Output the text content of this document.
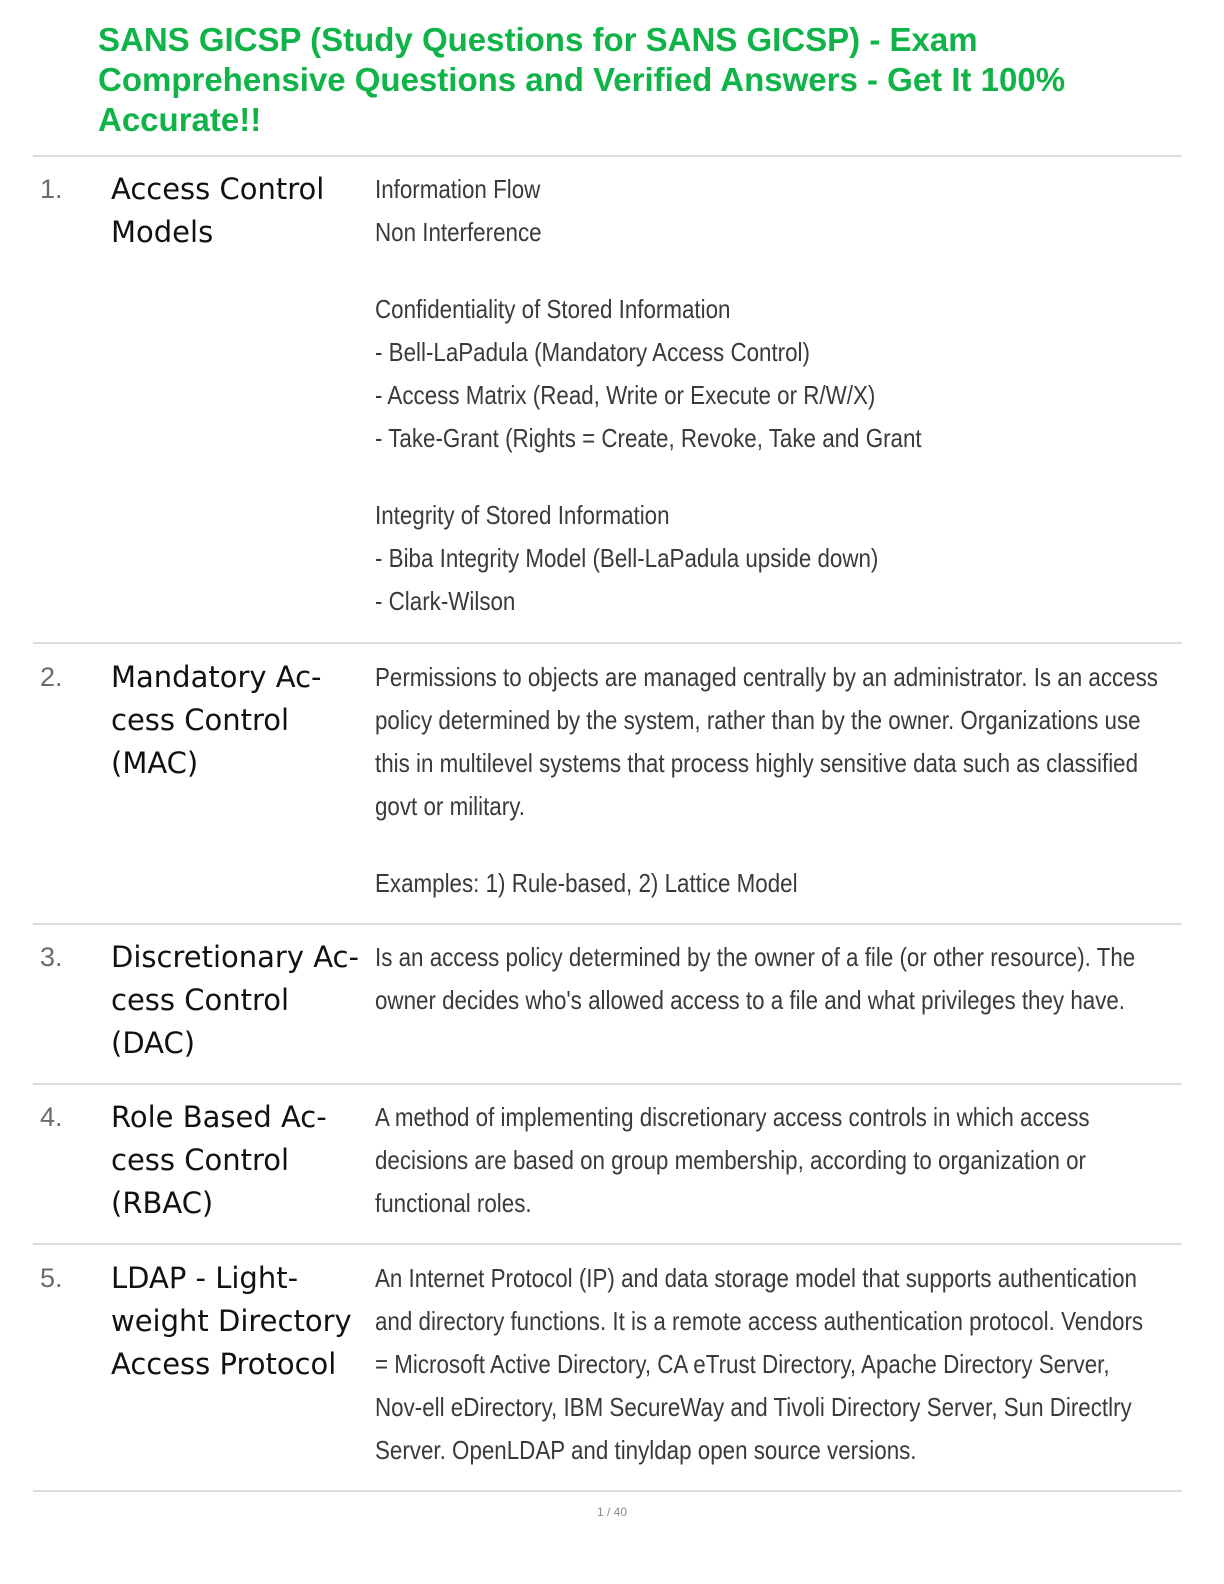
SANS GICSP (Study Questions for SANS GICSP) - Exam Comprehensive Questions and Verified Answers - Get It 100% Accurate!!
1. Access Control Models

Information Flow
Non Interference

Confidentiality of Stored Information
- Bell-LaPadula (Mandatory Access Control)
- Access Matrix (Read, Write or Execute or R/W/X)
- Take-Grant (Rights = Create, Revoke, Take and Grant

Integrity of Stored Information
- Biba Integrity Model (Bell-LaPadula upside down)
- Clark-Wilson

2. Mandatory Ac-cess Control (MAC)

Permissions to objects are managed centrally by an administrator. Is an access policy determined by the system, rather than by the owner. Organizations use this in multilevel systems that process highly sensitive data such as classified govt or military.

Examples: 1) Rule-based, 2) Lattice Model

3. Discretionary Ac-cess Control (DAC)

Is an access policy determined by the owner of a file (or other resource). The owner decides who's allowed access to a file and what privileges they have.

4. Role Based Ac-cess Control (RBAC)

A method of implementing discretionary access controls in which access decisions are based on group membership, according to organization or functional roles.

5. LDAP - Light-weight Directory Access Protocol

An Internet Protocol (IP) and data storage model that supports authentication and directory functions. It is a remote access authentication protocol. Vendors = Microsoft Active Directory, CA eTrust Directory, Apache Directory Server, Nov-ell eDirectory, IBM SecureWay and Tivoli Directory Server, Sun Directlry Server. OpenLDAP and tinyldap open source versions.

1 / 40
